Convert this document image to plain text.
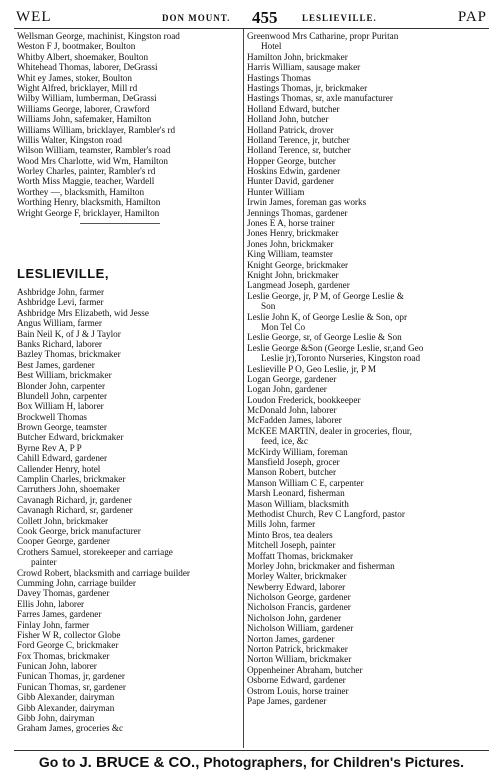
WEL	DON MOUNT. 455	LESLIEVILLE.	PAP
Wellsman George, machinist, Kingston road
Weston F J, bootmaker, Boulton
Whitby Albert, shoemaker, Boulton
Whitehead Thomas, laborer, DeGrassi
Whit ey James, stoker, Boulton
Wight Alfred, bricklayer, Mill rd
Wilby William, lumberman, DeGrassi
Williams George, laborer, Crawford
Williams John, safemaker, Hamilton
Williams William, bricklayer, Rambler's rd
Willis Walter, Kingston road
Wilson William, teamster, Rambler's road
Wood Mrs Charlotte, wid Wm, Hamilton
Worley Charles, painter, Rambler's rd
Worth Miss Maggie, teacher, Wardell
Worthey —, blacksmith, Hamilton
Worthing Henry, blacksmith, Hamilton
Wright George F, bricklayer, Hamilton
LESLIEVILLE,
Ashbridge John, farmer
Ashbridge Levi, farmer
Ashbridge Mrs Elizabeth, wid Jesse
Angus William, farmer
Bain Neil K, of J & J Taylor
Banks Richard, laborer
Bazley Thomas, brickmaker
Best James, gardener
Best William, brickmaker
Blonder John, carpenter
Blundell John, carpenter
Box William H, laborer
Brockwell Thomas
Brown George, teamster
Butcher Edward, brickmaker
Byrne Rev A, P P
Cahill Edward, gardener
Callender Henry, hotel
Camplin Charles, brickmaker
Carruthers John, shoemaker
Cavanagh Richard, jr, gardener
Cavanagh Richard, sr, gardener
Collett John, brickmaker
Cook George, brick manufacturer
Cooper George, gardener
Crothers Samuel, storekeeper and carriage
painter
Crowd Robert, blacksmith and carriage builder
Cumming John, carriage builder
Davey Thomas, gardener
Ellis John, laborer
Farres James, gardener
Finlay John, farmer
Fisher W R, collector Globe
Ford George C, brickmaker
Fox Thomas, brickmaker
Funican John, laborer
Funican Thomas, jr, gardener
Funican Thomas, sr, gardener
Gibb Alexander, dairyman
Gibb Alexander, dairyman
Gibb John, dairyman
Graham James, groceries &c
Greenwood Mrs Catharine, propr Puritan
Hotel
Hamilton John, brickmaker
Harris William, sausage maker
Hastings Thomas
Hastings Thomas, jr, brickmaker
Hastings Thomas, sr, axle manufacturer
Holland Edward, butcher
Holland John, butcher
Holland Patrick, drover
Holland Terence, jr, butcher
Holland Terence, sr, butcher
Hopper George, butcher
Hoskins Edwin, gardener
Hunter David, gardener
Hunter William
Irwin James, foreman gas works
Jennings Thomas, gardener
Jones E A, horse trainer
Jones Henry, brickmaker
Jones John, brickmaker
King William, teamster
Knight George, brickmaker
Knight John, brickmaker
Langmead Joseph, gardener
Leslie George, jr, P M, of George Leslie &
Son
Leslie John K, of George Leslie & Son, opr
Mon Tel Co
Leslie George, sr, of George Leslie & Son
Leslie George &Son (George Leslie, sr,and Geo
Leslie jr),Toronto Nurseries, Kingston road
Leslieville P O, Geo Leslie, jr, P M
Logan George, gardener
Logan John, gardener
Loudon Frederick, bookkeeper
McDonald John, laborer
McFadden James, laborer
McKEE MARTIN, dealer in groceries, flour,
feed, ice, &c
McKirdy William, foreman
Mansfield Joseph, grocer
Manson Robert, butcher
Manson William C E, carpenter
Marsh Leonard, fisherman
Mason William, blacksmith
Methodist Church, Rev C Langford, pastor
Mills John, farmer
Minto Bros, tea dealers
Mitchell Joseph, painter
Moffatt Thomas, brickmaker
Morley John, brickmaker and fisherman
Morley Walter, brickmaker
Newberry Edward, laborer
Nicholson George, gardener
Nicholson Francis, gardener
Nicholson John, gardener
Nicholson William, gardener
Norton James, gardener
Norton Patrick, brickmaker
Norton William, brickmaker
Oppenheiner Abraham, butcher
Osborne Edward, gardener
Ostrom Louis, horse trainer
Pape James, gardener
Go to J. BRUCE & CO., Photographers, for Children's Pictures.
